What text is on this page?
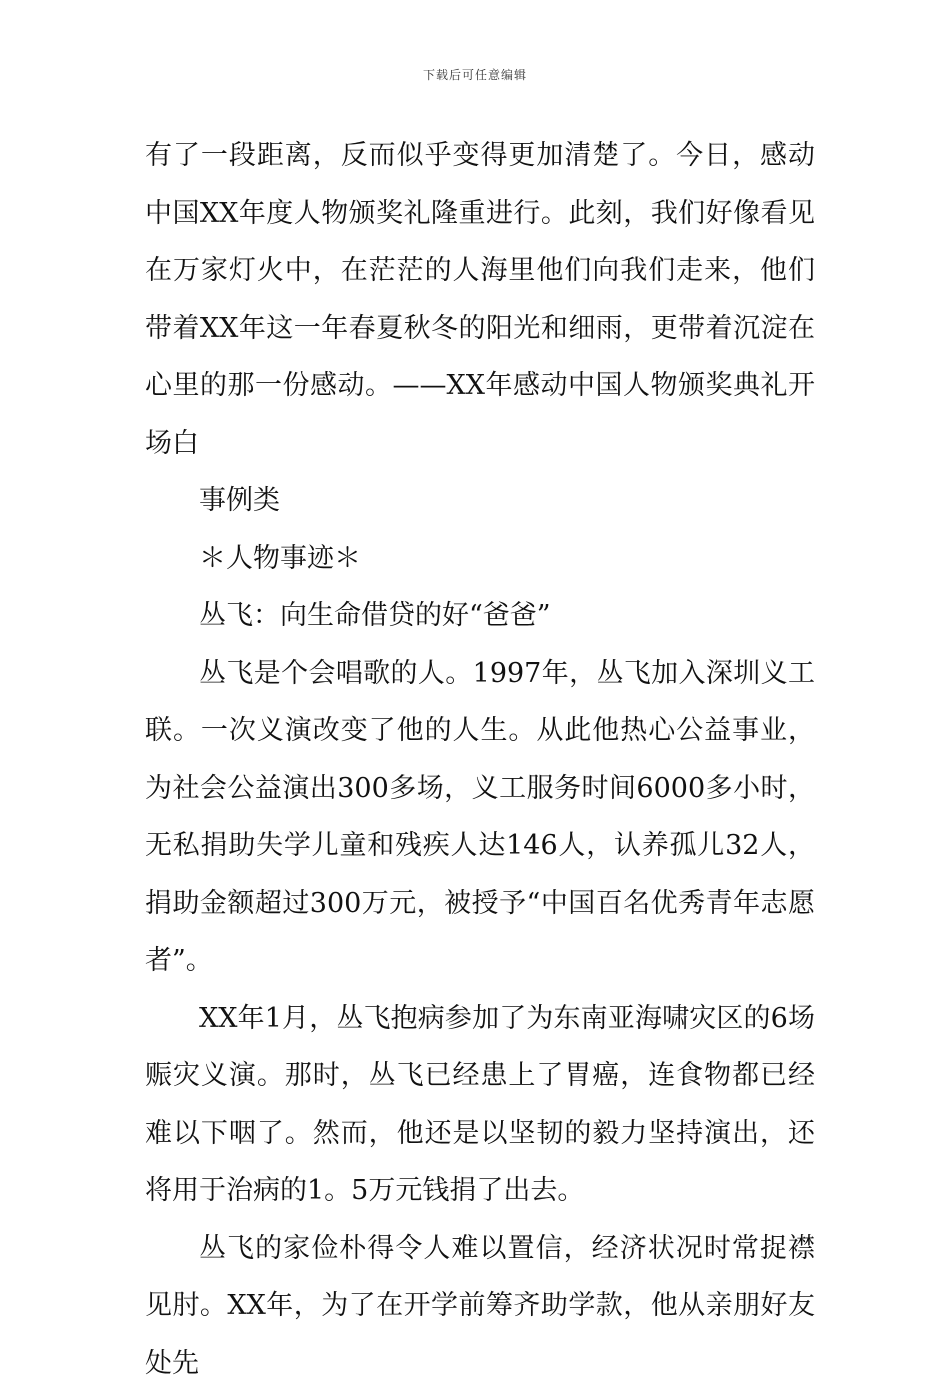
下载后可任意编辑

有了一段距离，反而似乎变得更加清楚了。今日，感动中国XX年度人物颁奖礼隆重进行。此刻，我们好像看见在万家灯火中，在茫茫的人海里他们向我们走来，他们带着XX年这一年春夏秋冬的阳光和细雨，更带着沉淀在心里的那一份感动。——XX年感动中国人物颁奖典礼开场白

事例类

＊人物事迹＊

丛飞：向生命借贷的好“爸爸”

丛飞是个会唱歌的人。1997年，丛飞加入深圳义工联。一次义演改变了他的人生。从此他热心公益事业，为社会公益演出300多场，义工服务时间6000多小时，无私捐助失学儿童和残疾人达146人，认养孤儿32人，捐助金额超过300万元，被授予“中国百名优秀青年志愿者”。

XX年1月，丛飞抱病参加了为东南亚海啸灾区的6场赈灾义演。那时，丛飞已经患上了胃癌，连食物都已经难以下咽了。然而，他还是以坚韧的毅力坚持演出，还将用于治病的1。5万元钱捐了出去。

丛飞的家俭朴得令人难以置信，经济状况时常捉襟见肘。XX年，为了在开学前筹齐助学款，他从亲朋好友处先
